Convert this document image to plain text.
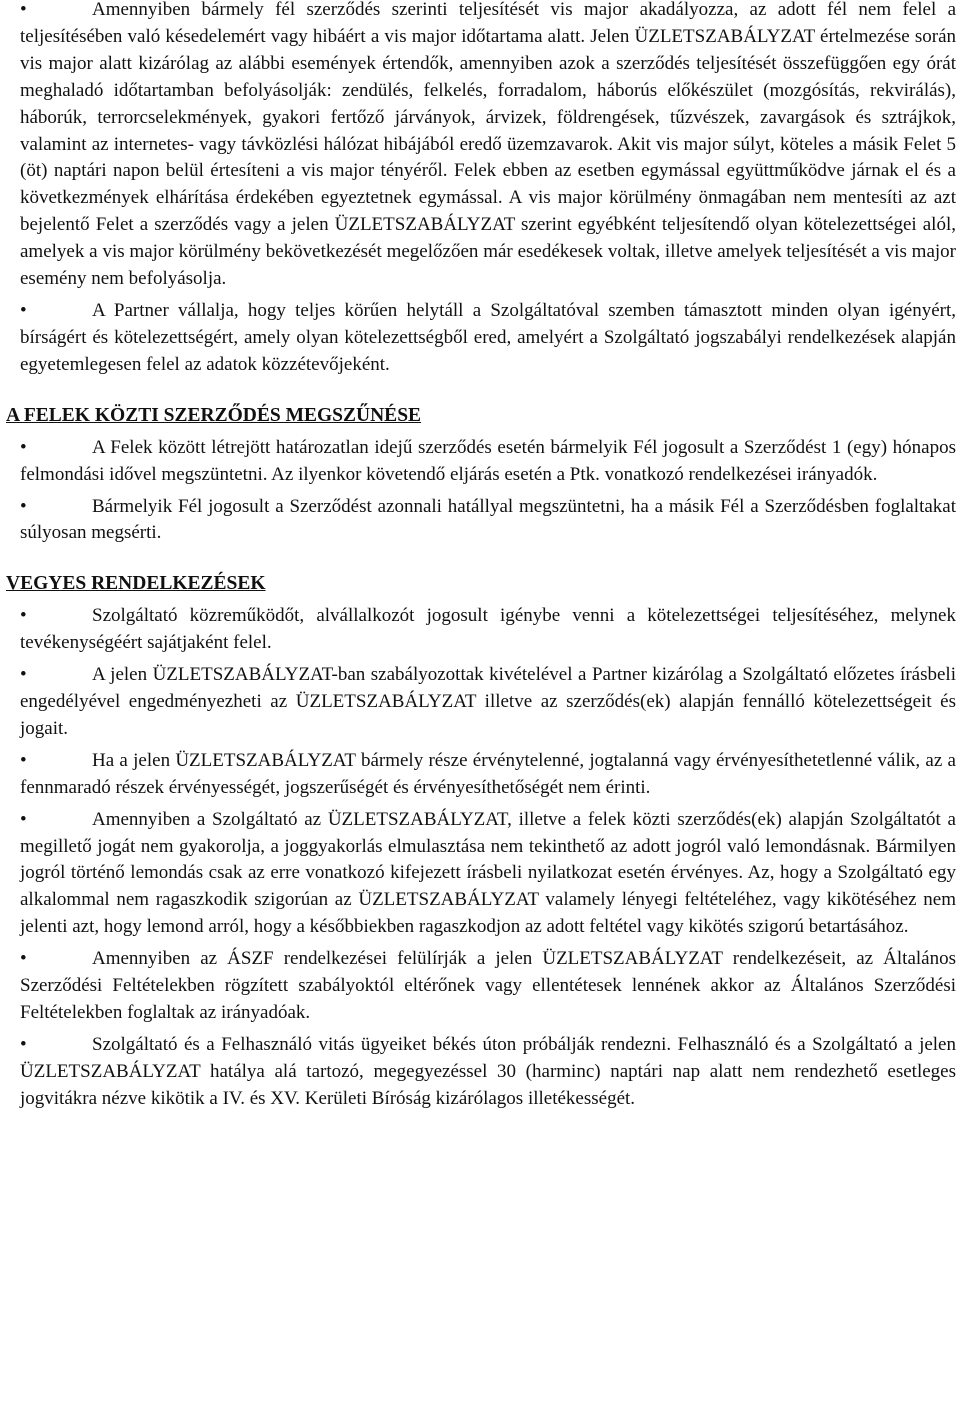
•	Amennyiben bármely fél szerződés szerinti teljesítését vis major akadályozza, az adott fél nem felel a teljesítésében való késedelemért vagy hibáért a vis major időtartama alatt. Jelen ÜZLETSZABÁLYZAT értelmezése során vis major alatt kizárólag az alábbi események értendők, amennyiben azok a szerződés teljesítését összefüggően egy órát meghaladó időtartamban befolyásolják: zendülés, felkelés, forradalom, háborús előkészület (mozgósítás, rekvirálás), háborúk, terrorcselekmények, gyakori fertőző járványok, árvizek, földrengések, tűzvészek, zavargások és sztrájkok, valamint az internetes- vagy távközlési hálózat hibájából eredő üzemzavarok. Akit vis major súlyt, köteles a másik Felet 5 (öt) naptári napon belül értesíteni a vis major tényéről. Felek ebben az esetben egymással együttműködve járnak el és a következmények elhárítása érdekében egyeztetnek egymással. A vis major körülmény önmagában nem mentesíti az azt bejelentő Felet a szerződés vagy a jelen ÜZLETSZABÁLYZAT szerint egyébként teljesítendő olyan kötelezettségei alól, amelyek a vis major körülmény bekövetkezését megelőzően már esedékesek voltak, illetve amelyek teljesítését a vis major esemény nem befolyásolja.

•	A Partner vállalja, hogy teljes körűen helytáll a Szolgáltatóval szemben támasztott minden olyan igényért, bírságért és kötelezettségért, amely olyan kötelezettségből ered, amelyért a Szolgáltató jogszabályi rendelkezések alapján egyetemlegesen felel az adatok közzétevőjeként.

A FELEK KÖZTI SZERZŐDÉS MEGSZŰNÉSE

•	A Felek között létrejött határozatlan idejű szerződés esetén bármelyik Fél jogosult a Szerződést 1 (egy) hónapos felmondási idővel megszüntetni. Az ilyenkor követendő eljárás esetén a Ptk. vonatkozó rendelkezései irányadók.

•	Bármelyik Fél jogosult a Szerződést azonnali hatállyal megszüntetni, ha a másik Fél a Szerződésben foglaltakat súlyosan megsérti.

VEGYES RENDELKEZÉSEK

•	Szolgáltató közreműködőt, alvállalkozót jogosult igénybe venni a kötelezettségei teljesítéséhez, melynek tevékenységéért sajátjaként felel.

•	A jelen ÜZLETSZABÁLYZAT-ban szabályozottak kivételével a Partner kizárólag a Szolgáltató előzetes írásbeli engedélyével engedményezheti az ÜZLETSZABÁLYZAT illetve az szerződés(ek) alapján fennálló kötelezettségeit és jogait.

•	Ha a jelen ÜZLETSZABÁLYZAT bármely része érvénytelenné, jogtalanná vagy érvényesíthetetlenné válik, az a fennmaradó részek érvényességét, jogszerűségét és érvényesíthetőségét nem érinti.

•	Amennyiben a Szolgáltató az ÜZLETSZABÁLYZAT, illetve a felek közti szerződés(ek) alapján Szolgáltatót a megillető jogát nem gyakorolja, a joggyakorlás elmulasztása nem tekinthető az adott jogról való lemondásnak. Bármilyen jogról történő lemondás csak az erre vonatkozó kifejezett írásbeli nyilatkozat esetén érvényes. Az, hogy a Szolgáltató egy alkalommal nem ragaszkodik szigorúan az ÜZLETSZABÁLYZAT valamely lényegi feltételéhez, vagy kikötéséhez nem jelenti azt, hogy lemond arról, hogy a későbbiekben ragaszkodjon az adott feltétel vagy kikötés szigorú betartásához.

•	Amennyiben az ÁSZF rendelkezései felülírják a jelen ÜZLETSZABÁLYZAT rendelkezéseit, az Általános Szerződési Feltételekben rögzített szabályoktól eltérőnek vagy ellentétesek lennének akkor az Általános Szerződési Feltételekben foglaltak az irányadóak.

•	Szolgáltató és a Felhasználó vitás ügyeiket békés úton próbálják rendezni. Felhasználó és a Szolgáltató a jelen ÜZLETSZABÁLYZAT hatálya alá tartozó, megegyezéssel 30 (harminc) naptári nap alatt nem rendezhető esetleges jogvitákra nézve kikötik a IV. és XV. Kerületi Bíróság kizárólagos illetékességét.
